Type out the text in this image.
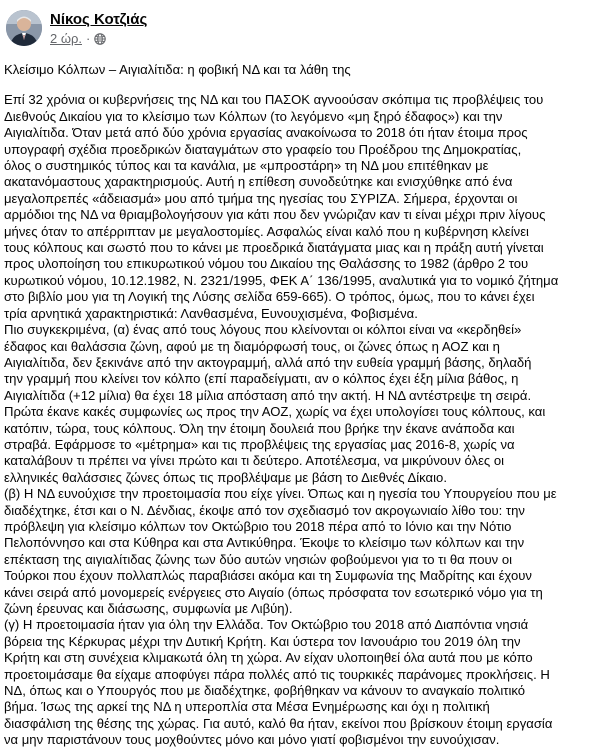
Νίκος Κοτζιάς
2 ώρ. ·

Κλείσιμο Κόλπων – Αιγιαλίτιδα: η φοβική ΝΔ και τα λάθη της

Επί 32 χρόνια οι κυβερνήσεις της ΝΔ και του ΠΑΣΟΚ αγνοούσαν σκόπιμα τις προβλέψεις του

Διεθνούς Δικαίου για το κλείσιμο των Κόλπων (το λεγόμενο «μη ξηρό έδαφος») και την

Αιγιαλίτιδα. Όταν μετά από δύο χρόνια εργασίας ανακοίνωσα το 2018 ότι ήταν έτοιμα προς

υπογραφή σχέδια προεδρικών διαταγμάτων στο γραφείο του Προέδρου της Δημοκρατίας,

όλος ο συστημικός τύπος και τα κανάλια, με «μπροστάρη» τη ΝΔ μου επιτέθηκαν με

ακατανόμαστους χαρακτηρισμούς. Αυτή η επίθεση συνοδεύτηκε και ενισχύθηκε από ένα

μεγαλοπρεπές «άδειασμά» μου από τμήμα της ηγεσίας του ΣΥΡΙΖΑ. Σήμερα, έρχονται οι

αρμόδιοι της ΝΔ να θριαμβολογήσουν για κάτι που δεν γνώριζαν καν τι είναι μέχρι πριν λίγους

μήνες όταν το απέρριπταν με μεγαλοστομίες. Ασφαλώς είναι καλό που η κυβέρνηση κλείνει

τους κόλπους και σωστό που το κάνει με προεδρικά διατάγματα μιας και η πράξη αυτή γίνεται

προς υλοποίηση του επικυρωτικού νόμου του Δικαίου της Θαλάσσης το 1982 (άρθρο 2 του

κυρωτικού νόμου, 10.12.1982, Ν. 2321/1995, ΦΕΚ Α΄ 136/1995, αναλυτικά για το νομικό ζήτημα

στο βιβλίο μου για τη Λογική της Λύσης σελίδα 659-665). Ο τρόπος, όμως, που το κάνει έχει

τρία αρνητικά χαρακτηριστικά: Λανθασμένα, Ευνουχισμένα, Φοβισμένα.

Πιο συγκεκριμένα, (α) ένας από τους λόγους που κλείνονται οι κόλποι είναι να «κερδηθεί»

έδαφος και θαλάσσια ζώνη, αφού με τη διαμόρφωσή τους, οι ζώνες όπως η ΑΟΖ και η

Αιγιαλίτιδα, δεν ξεκινάνε από την ακτογραμμή, αλλά από την ευθεία γραμμή βάσης, δηλαδή

την γραμμή που κλείνει τον κόλπο (επί παραδείγματι, αν ο κόλπος έχει έξη μίλια βάθος, η

Αιγιαλίτιδα (+12 μίλια) θα έχει 18 μίλια απόσταση από την ακτή. Η ΝΔ αντέστρεψε τη σειρά.

Πρώτα έκανε κακές συμφωνίες ως προς την ΑΟΖ, χωρίς να έχει υπολογίσει τους κόλπους, και

κατόπιν, τώρα, τους κόλπους. Όλη την έτοιμη δουλειά που βρήκε την έκανε ανάποδα και

στραβά. Εφάρμοσε το «μέτρημα» και τις προβλέψεις της εργασίας μας 2016-8, χωρίς να

καταλάβουν τι πρέπει να γίνει πρώτο και τι δεύτερο. Αποτέλεσμα, να μικρύνουν όλες οι

ελληνικές θαλάσσιες ζώνες όπως τις προβλέψαμε με βάση το Διεθνές Δίκαιο.

(β) Η ΝΔ ευνούχισε την προετοιμασία που είχε γίνει. Όπως και η ηγεσία του Υπουργείου που με

διαδέχτηκε, έτσι και ο Ν. Δένδιας, έκοψε από τον σχεδιασμό τον ακρογωνιαίο λίθο του: την

πρόβλεψη για κλείσιμο κόλπων τον Οκτώβριο του 2018 πέρα από το Ιόνιο και την Νότιο

Πελοπόννησο και στα Κύθηρα και στα Αντικύθηρα. Έκοψε το κλείσιμο των κόλπων και την

επέκταση της αιγιαλίτιδας ζώνης των δύο αυτών νησιών φοβούμενοι για το τι θα πουν οι

Τούρκοι που έχουν πολλαπλώς παραβιάσει ακόμα και τη Συμφωνία της Μαδρίτης και έχουν

κάνει σειρά από μονομερείς ενέργειες στο Αιγαίο (όπως πρόσφατα τον εσωτερικό νόμο για τη

ζώνη έρευνας και διάσωσης, συμφωνία με Λιβύη).

(γ) Η προετοιμασία ήταν για όλη την Ελλάδα. Τον Οκτώβριο του 2018 από Διαπόντια νησιά

βόρεια της Κέρκυρας μέχρι την Δυτική Κρήτη. Και ύστερα τον Ιανουάριο του 2019 όλη την

Κρήτη και στη συνέχεια κλιμακωτά όλη τη χώρα. Αν είχαν υλοποιηθεί όλα αυτά που με κόπο

προετοιμάσαμε θα είχαμε αποφύγει πάρα πολλές από τις τουρκικές παράνομες προκλήσεις. Η

ΝΔ, όπως και ο Υπουργός που με διαδέχτηκε, φοβήθηκαν να κάνουν το αναγκαίο πολιτικό

βήμα. Ίσως της αρκεί της ΝΔ η υπεροπλία στα Μέσα Ενημέρωσης και όχι η πολιτική

διασφάλιση της θέσης της χώρας. Για αυτό, καλό θα ήταν, εκείνοι που βρίσκουν έτοιμη εργασία

να μην παριστάνουν τους μοχθούντες μόνο και μόνο γιατί φοβισμένοι την ευνούχισαν.
